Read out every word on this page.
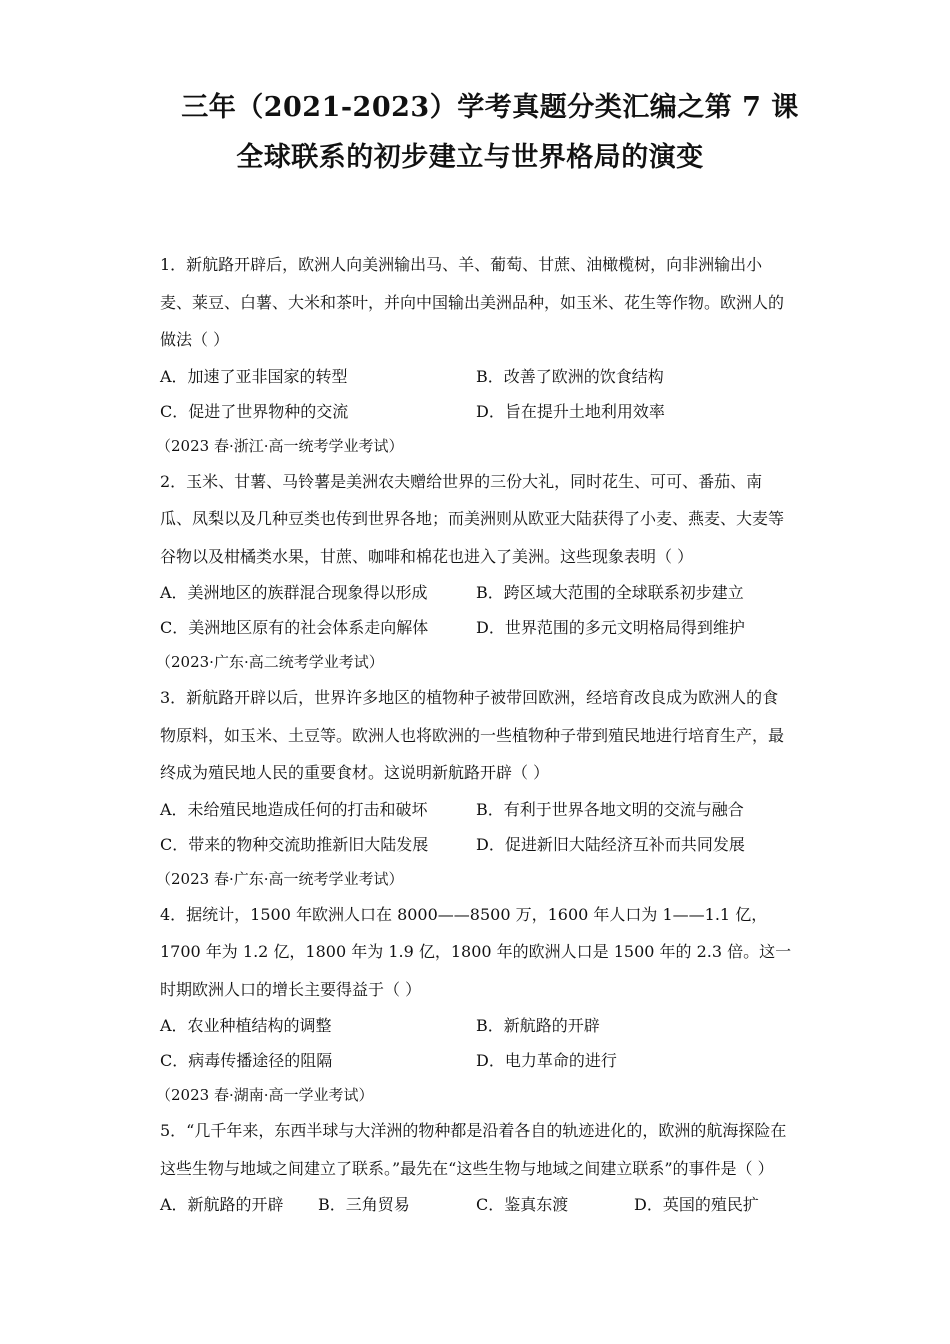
三年（2021-2023）学考真题分类汇编之第 7 课
全球联系的初步建立与世界格局的演变

1．新航路开辟后，欧洲人向美洲输出马、羊、葡萄、甘蔗、油橄榄树，向非洲输出小麦、莱豆、白薯、大米和茶叶，并向中国输出美洲品种，如玉米、花生等作物。欧洲人的做法（ ）

A．加速了亚非国家的转型	B．改善了欧洲的饮食结构
C．促进了世界物种的交流	D．旨在提升土地利用效率

（2023 春·浙江·高一统考学业考试）

2．玉米、甘薯、马铃薯是美洲农夫赠给世界的三份大礼，同时花生、可可、番茄、南瓜、凤梨以及几种豆类也传到世界各地；而美洲则从欧亚大陆获得了小麦、燕麦、大麦等谷物以及柑橘类水果，甘蔗、咖啡和棉花也进入了美洲。这些现象表明（ ）

A．美洲地区的族群混合现象得以形成	B．跨区域大范围的全球联系初步建立
C．美洲地区原有的社会体系走向解体	D．世界范围的多元文明格局得到维护

（2023·广东·高二统考学业考试）

3．新航路开辟以后，世界许多地区的植物种子被带回欧洲，经培育改良成为欧洲人的食物原料，如玉米、土豆等。欧洲人也将欧洲的一些植物种子带到殖民地进行培育生产，最终成为殖民地人民的重要食材。这说明新航路开辟（ ）

A．未给殖民地造成任何的打击和破坏	B．有利于世界各地文明的交流与融合
C．带来的物种交流助推新旧大陆发展	D．促进新旧大陆经济互补而共同发展

（2023 春·广东·高一统考学业考试）

4．据统计，1500 年欧洲人口在 8000——8500 万，1600 年人口为 1——1.1 亿，1700 年为 1.2 亿，1800 年为 1.9 亿，1800 年的欧洲人口是 1500 年的 2.3 倍。这一时期欧洲人口的增长主要得益于（ ）

A．农业种植结构的调整	B．新航路的开辟
C．病毒传播途径的阻隔	D．电力革命的进行

（2023 春·湖南·高一学业考试）

5．“几千年来，东西半球与大洋洲的物种都是沿着各自的轨迹进化的，欧洲的航海探险在这些生物与地域之间建立了联系。”最先在“这些生物与地域之间建立联系”的事件是（ ）

A．新航路的开辟	B．三角贸易	C．鉴真东渡	D．英国的殖民扩
